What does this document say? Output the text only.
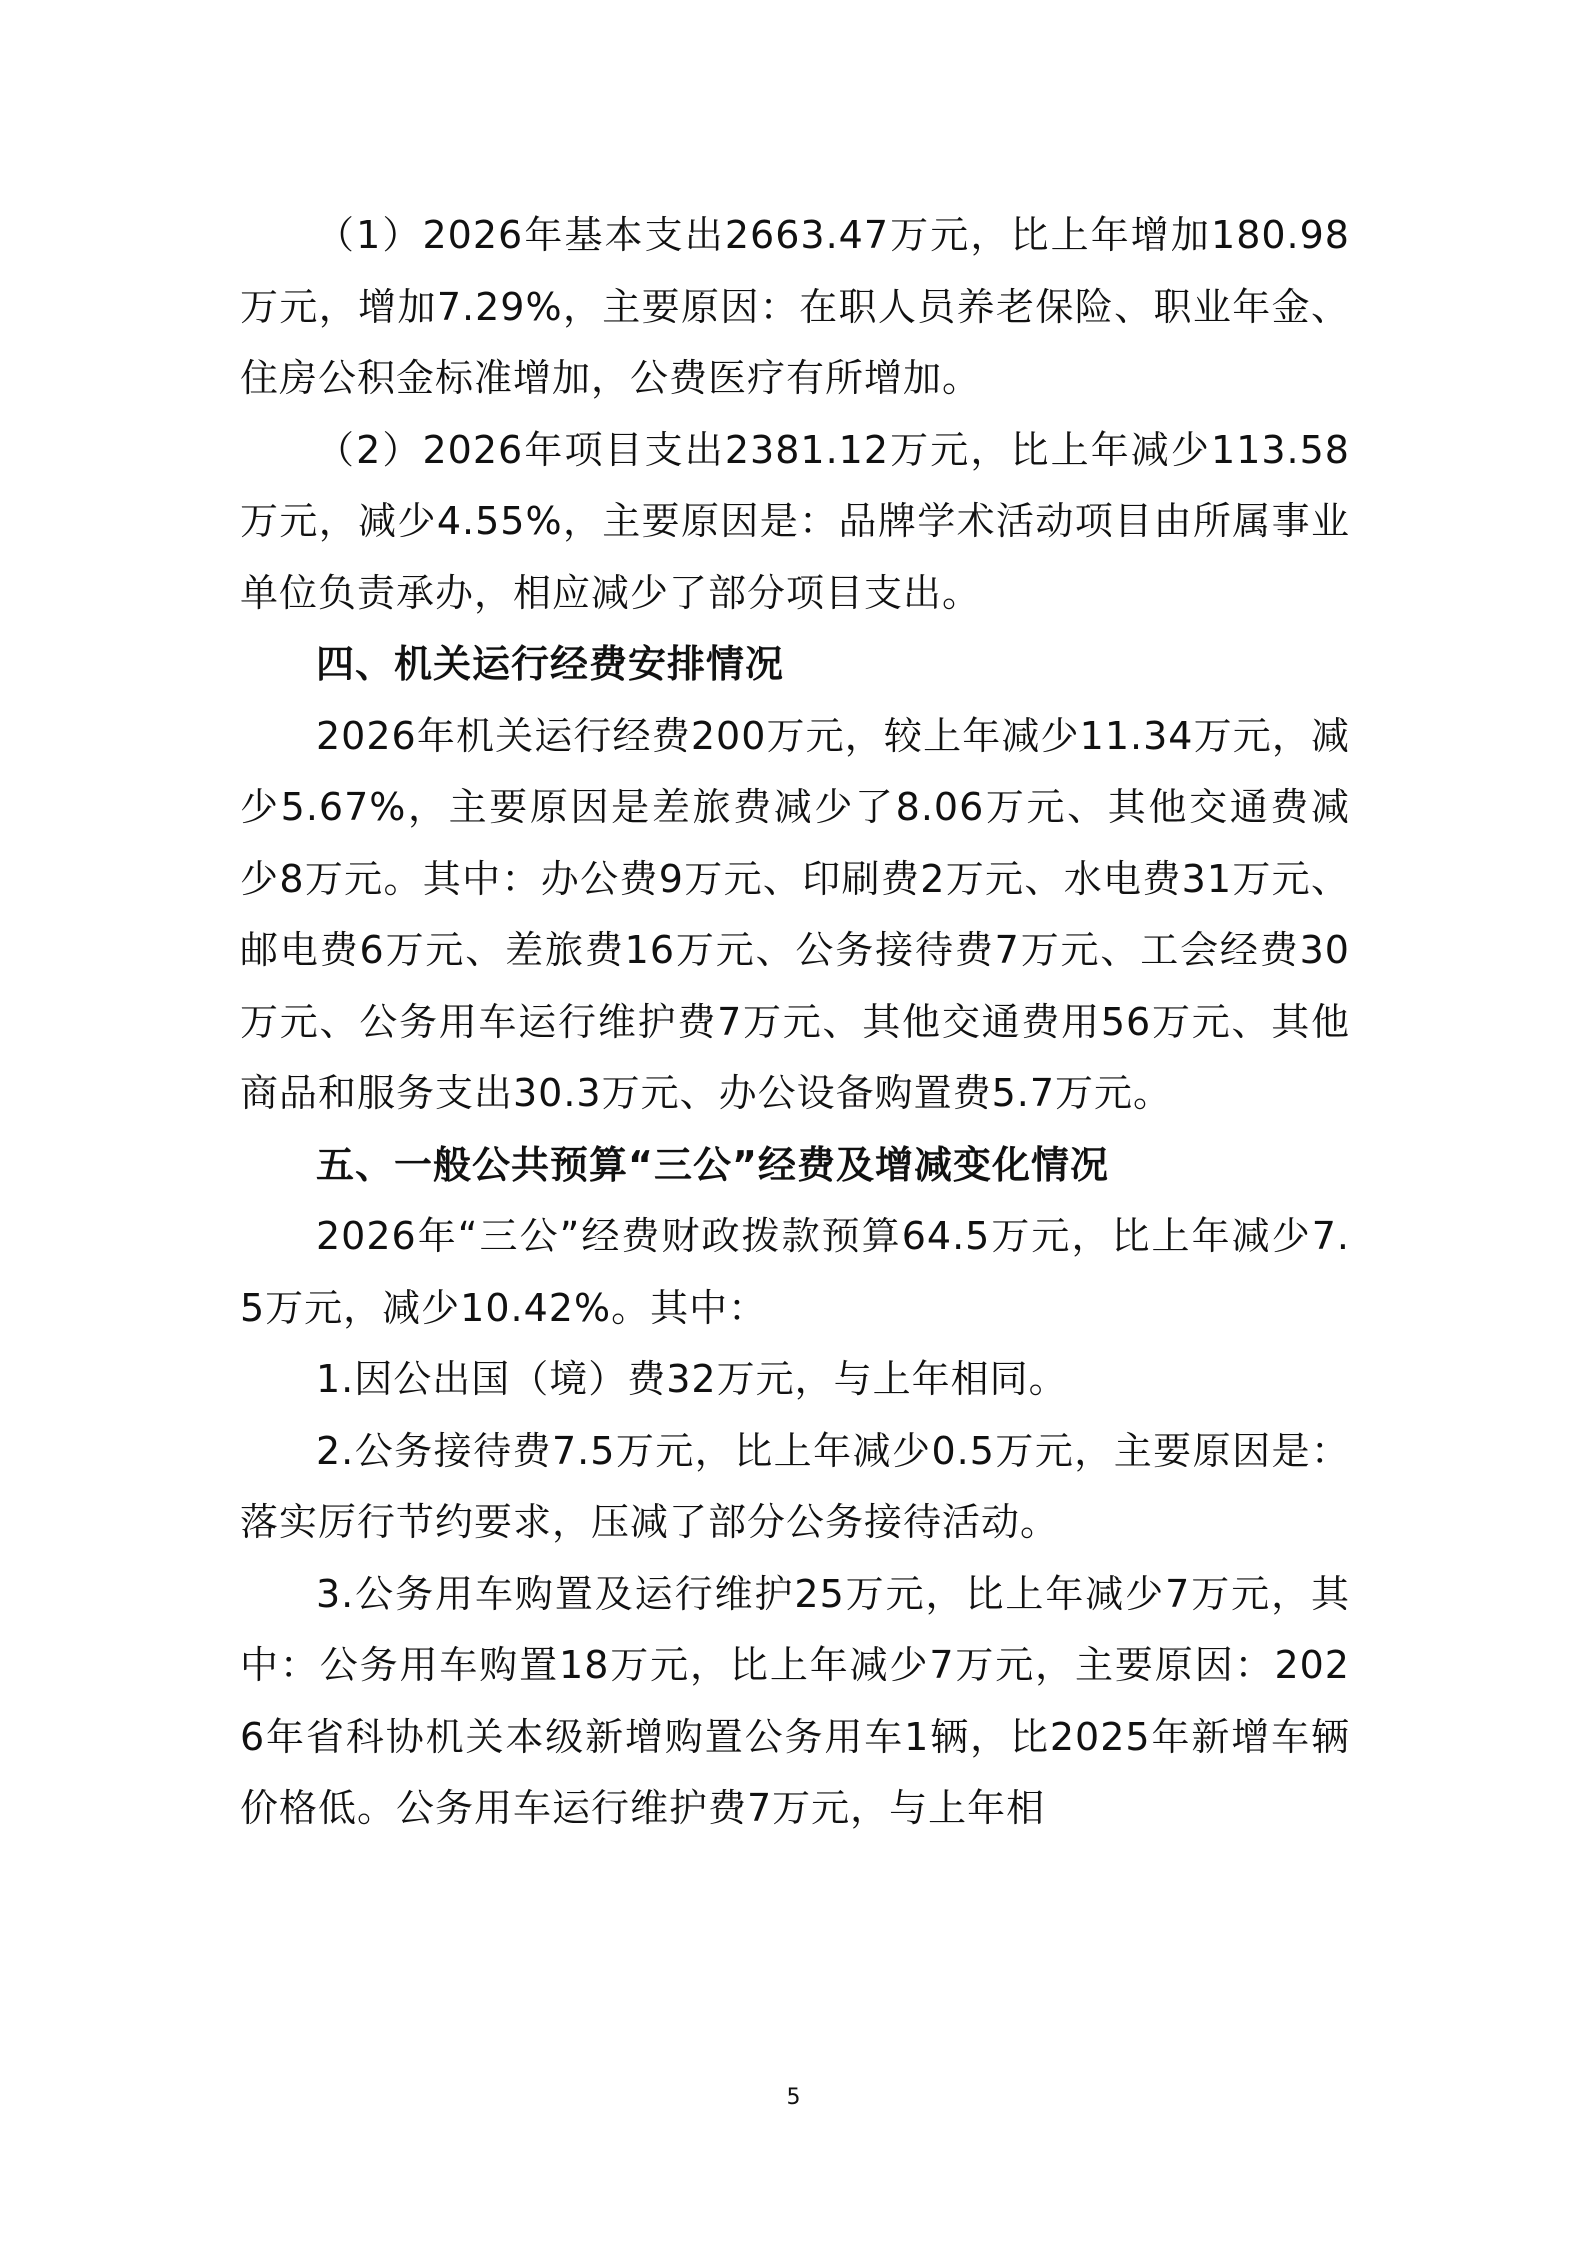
（1）2026年基本支出2663.47万元，比上年增加180.98万元，增加7.29%，主要原因：在职人员养老保险、职业年金、住房公积金标准增加，公费医疗有所增加。

（2）2026年项目支出2381.12万元，比上年减少113.58万元，减少4.55%，主要原因是：品牌学术活动项目由所属事业单位负责承办，相应减少了部分项目支出。

四、机关运行经费安排情况

2026年机关运行经费200万元，较上年减少11.34万元，减少5.67%，主要原因是差旅费减少了8.06万元、其他交通费减少8万元。其中：办公费9万元、印刷费2万元、水电费31万元、邮电费6万元、差旅费16万元、公务接待费7万元、工会经费30万元、公务用车运行维护费7万元、其他交通费用56万元、其他商品和服务支出30.3万元、办公设备购置费5.7万元。

五、一般公共预算“三公”经费及增减变化情况

2026年“三公”经费财政拨款预算64.5万元，比上年减少7.5万元，减少10.42%。其中：

1.因公出国（境）费32万元，与上年相同。

2.公务接待费7.5万元，比上年减少0.5万元，主要原因是：落实厉行节约要求，压减了部分公务接待活动。

3.公务用车购置及运行维护25万元，比上年减少7万元，其中：公务用车购置18万元，比上年减少7万元，主要原因：2026年省科协机关本级新增购置公务用车1辆，比2025年新增车辆价格低。公务用车运行维护费7万元，与上年相

5
